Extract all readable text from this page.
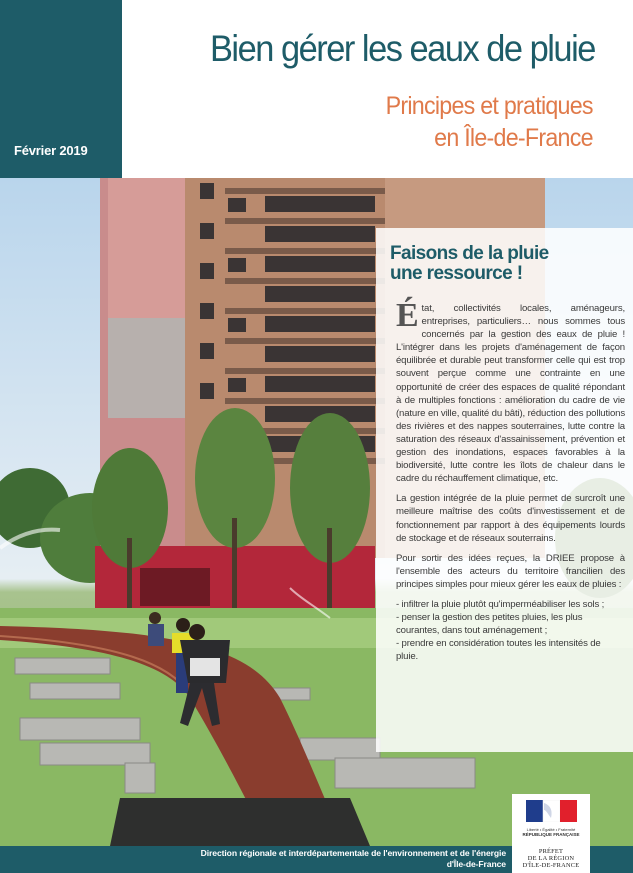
Février 2019
Bien gérer les eaux de pluie
Principes et pratiques
en Île-de-France
Faisons de la pluie
une ressource !

État, collectivités locales, aménageurs, entreprises, particuliers… nous sommes tous concernés par la gestion des eaux de pluie ! L'intégrer dans les projets d'aménagement de façon équilibrée et durable peut transformer celle qui est trop souvent perçue comme une contrainte en une opportunité de créer des espaces de qualité répondant à de multiples fonctions : amélioration du cadre de vie (nature en ville, qualité du bâti), réduction des pollutions des rivières et des nappes souterraines, lutte contre la saturation des réseaux d'assainissement, prévention et gestion des inondations, espaces favorables à la biodiversité, lutte contre les îlots de chaleur dans le cadre du réchauffement climatique, etc.

La gestion intégrée de la pluie permet de surcroît une meilleure maîtrise des coûts d'investissement et de fonctionnement par rapport à des équipements lourds de stockage et de réseaux souterrains.

Pour sortir des idées reçues, la DRIEE propose à l'ensemble des acteurs du territoire francilien des principes simples pour mieux gérer les eaux de pluies :

- infiltrer la pluie plutôt qu'imperméabiliser les sols ;
- penser la gestion des petites pluies, les plus courantes, dans tout aménagement ;
- prendre en considération toutes les intensités de pluie.

Direction régionale et interdépartementale de l'environnement et de l'énergie
d'Île-de-France
Liberté • Égalité • Fraternité
RÉPUBLIQUE FRANÇAISE
PRÉFET
DE LA RÉGION
D'ÎLE-DE-FRANCE
